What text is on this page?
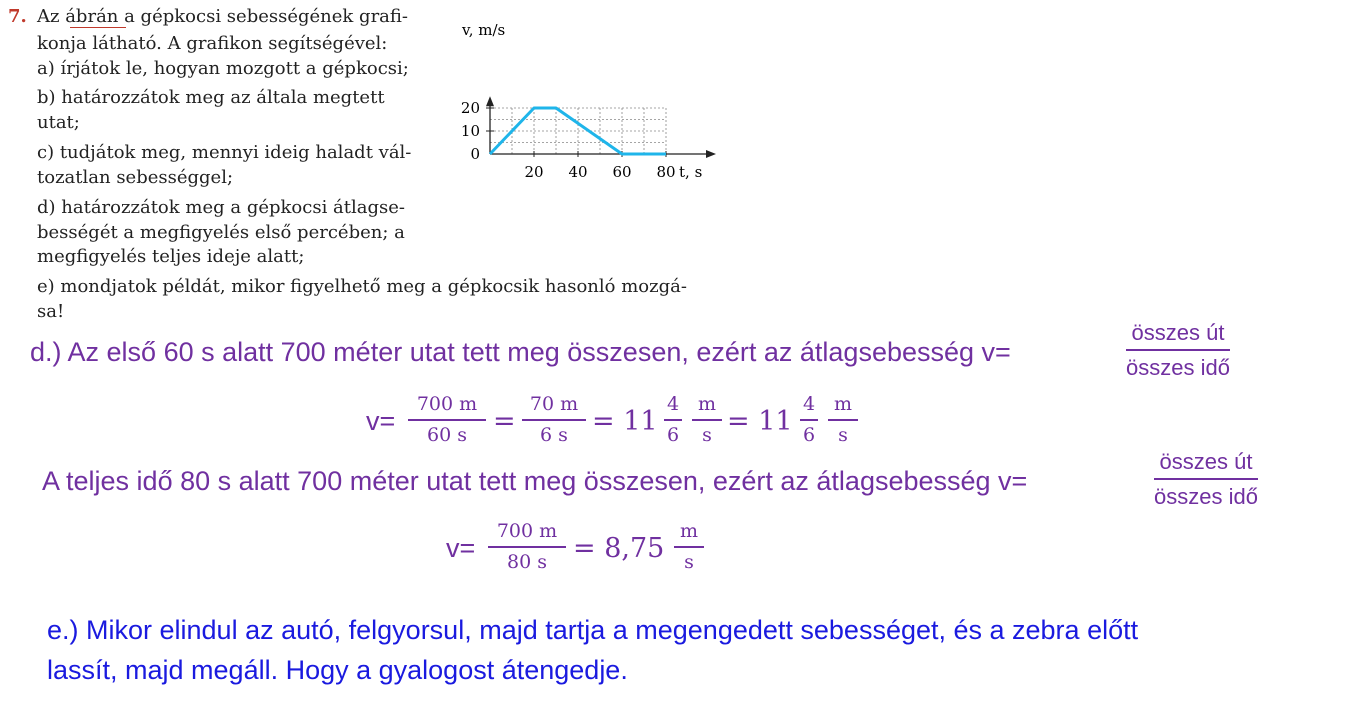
7. Az ábrán a gépkocsi sebességének grafi-
konja látható. A grafikon segítségével:
a) írjátok le, hogyan mozgott a gépkocsi;
b) határozzátok meg az általa megtett
utat;
c) tudjátok meg, mennyi ideig haladt vál-
tozatlan sebességgel;
d) határozzátok meg a gépkocsi átlagse-
bességét a megfigyelés első percében; a
megfigyelés teljes ideje alatt;
e) mondjatok példát, mikor figyelhető meg a gépkocsik hasonló mozgá-
sa!
20 40 60 80
0
10
20
v, m/s
t, s
d.) Az első 60 s alatt 700 méter utat tett meg összesen, ezért az átlagsebesség v=
összes út
összes idő
v=
700 m
60 s =
70 m
6 s = 11
4
6
m
s = 11
4
6
m
s
A teljes idő 80 s alatt 700 méter utat tett meg összesen, ezért az átlagsebesség v=
összes út
összes idő
v=
700 m
80 s = 8,75
m
s
e.) Mikor elindul az autó, felgyorsul, majd tartja a megengedett sebességet, és a zebra előtt
lassít, majd megáll. Hogy a gyalogost átengedje.
